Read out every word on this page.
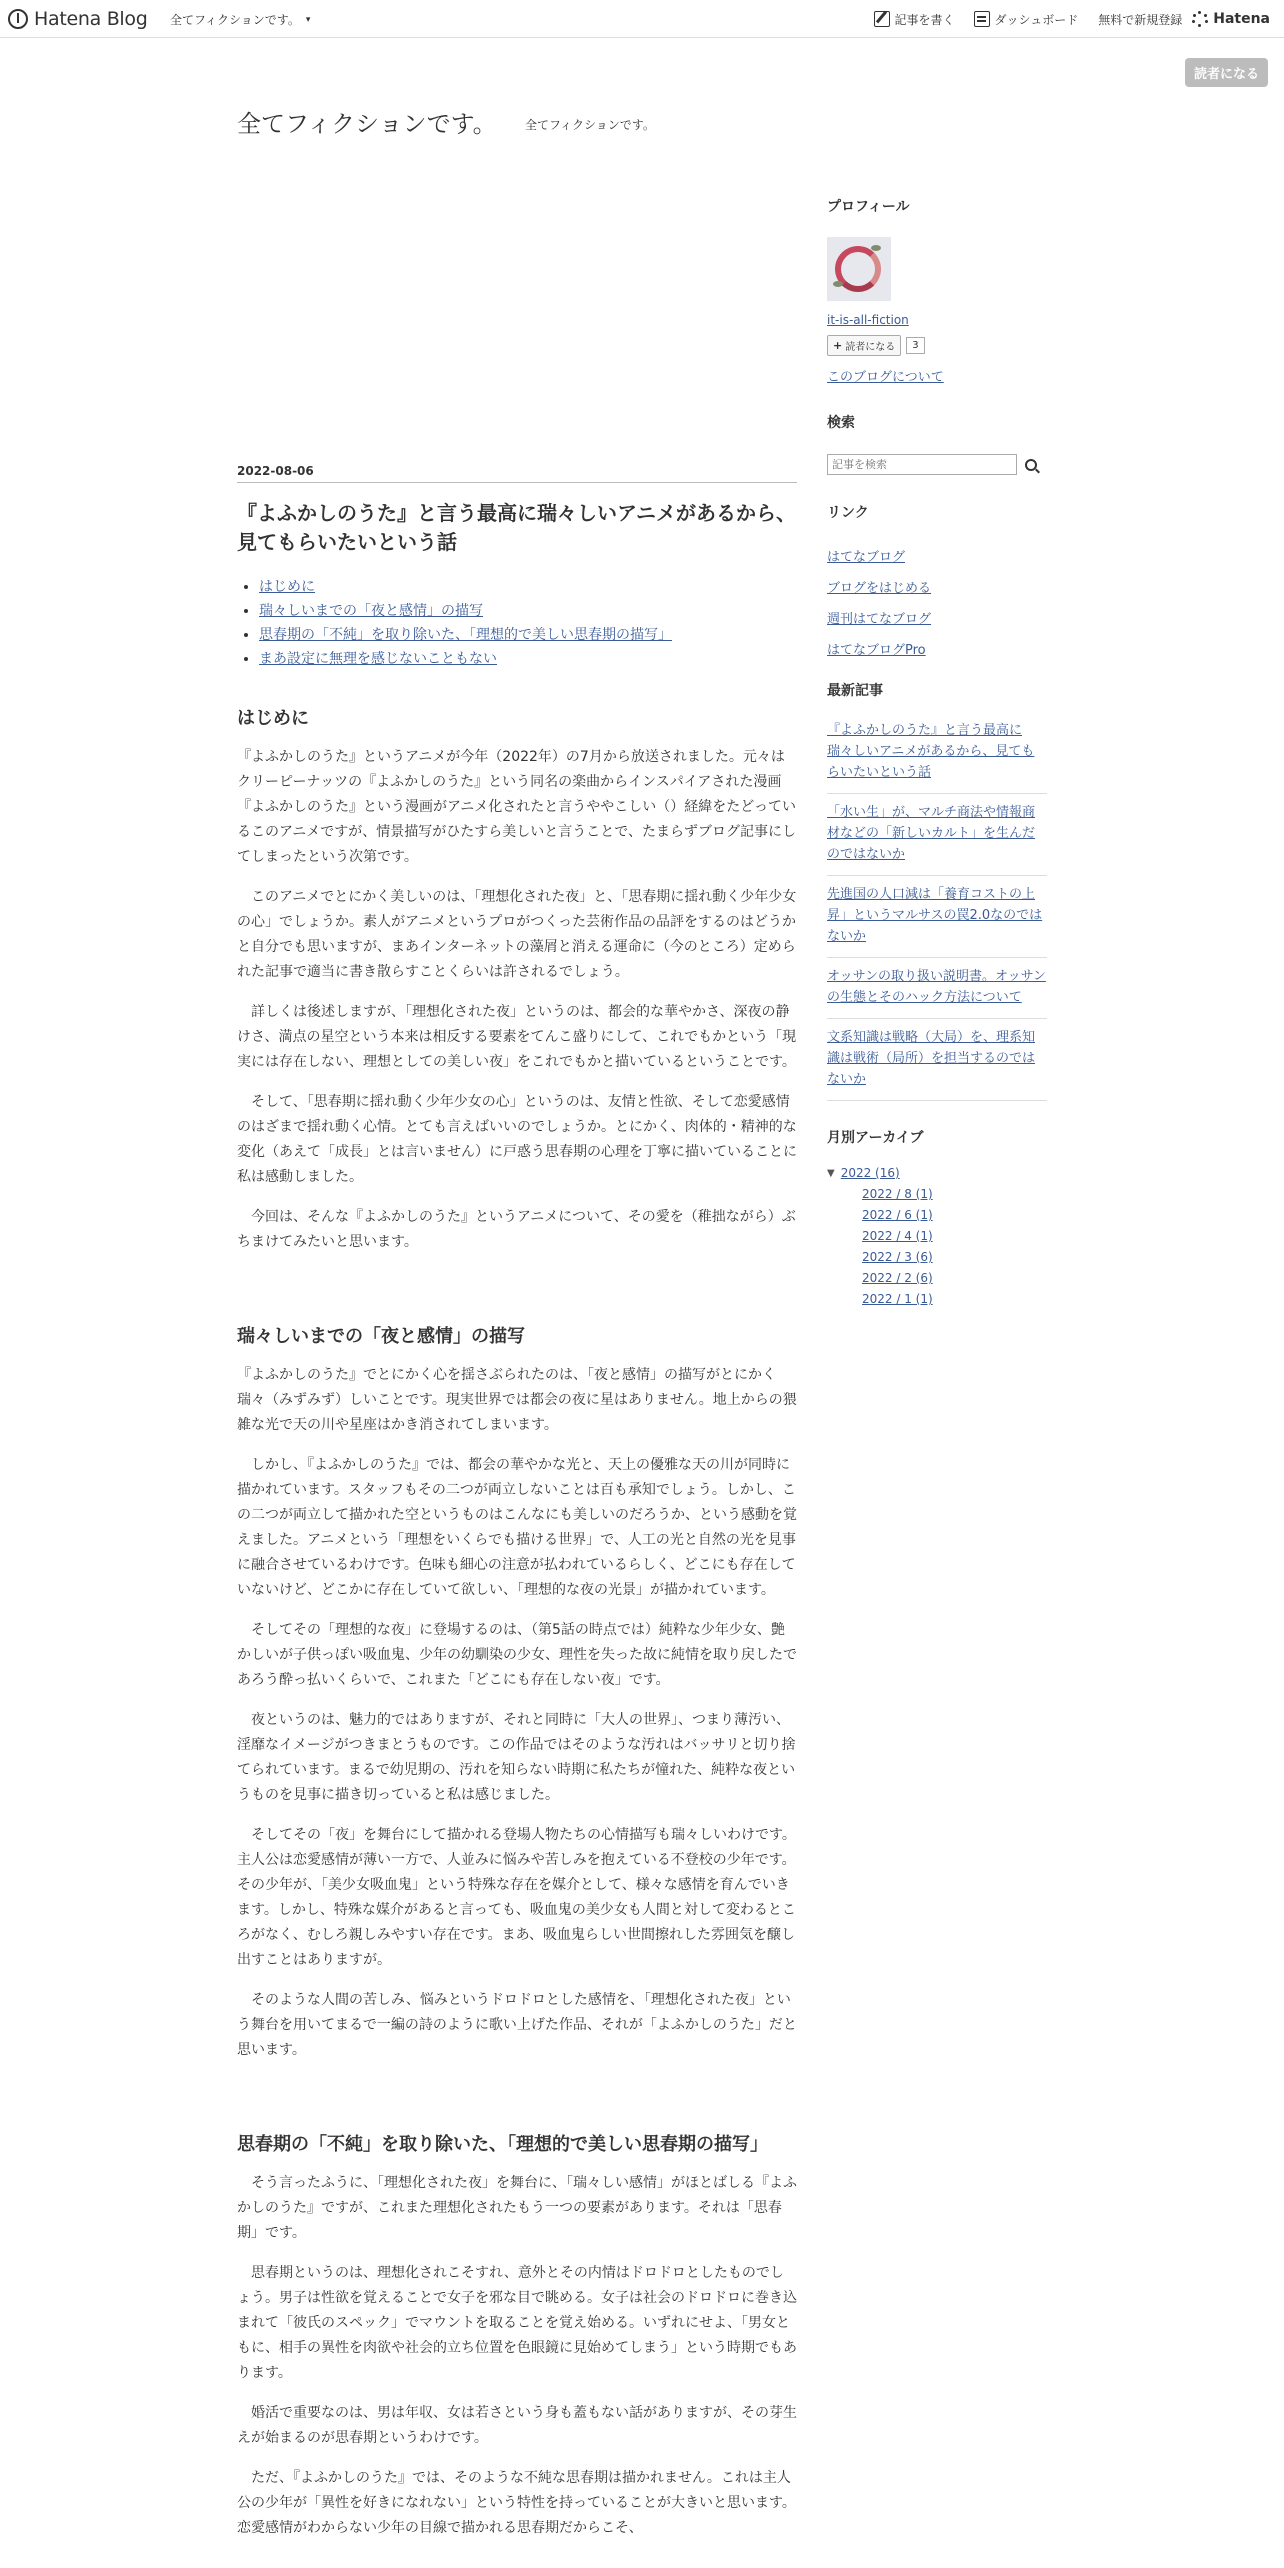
Hatena Blog 全てフィクションです。 ▾	記事を書く	ダッシュボード 無料で新規登録 Hatena
読者になる
全てフィクションです。 全てフィクションです。
2022-08-06
『よふかしのうた』と言う最高に瑞々しいアニメがあるから、見てもらいたいという話
• はじめに
• 瑞々しいまでの「夜と感情」の描写
• 思春期の「不純」を取り除いた、「理想的で美しい思春期の描写」
• まあ設定に無理を感じないこともない
はじめに

『よふかしのうた』というアニメが今年（2022年）の7月から放送されました。元々はクリーピーナッツの『よふかしのうた』という同名の楽曲からインスパイアされた漫画『よふかしのうた』という漫画がアニメ化されたと言うややこしい（）経緯をたどっているこのアニメですが、情景描写がひたすら美しいと言うことで、たまらずブログ記事にしてしまったという次第です。

　このアニメでとにかく美しいのは、「理想化された夜」と、「思春期に揺れ動く少年少女の心」でしょうか。素人がアニメというプロがつくった芸術作品の品評をするのはどうかと自分でも思いますが、まあインターネットの藻屑と消える運命に（今のところ）定められた記事で適当に書き散らすことくらいは許されるでしょう。

　詳しくは後述しますが、「理想化された夜」というのは、都会的な華やかさ、深夜の静けさ、満点の星空という本来は相反する要素をてんこ盛りにして、これでもかという「現実には存在しない、理想としての美しい夜」をこれでもかと描いているということです。

　そして、「思春期に揺れ動く少年少女の心」というのは、友情と性欲、そして恋愛感情のはざまで揺れ動く心情。とても言えばいいのでしょうか。とにかく、肉体的・精神的な変化（あえて「成長」とは言いません）に戸惑う思春期の心理を丁寧に描いていることに私は感動しました。

　今回は、そんな『よふかしのうた』というアニメについて、その愛を（稚拙ながら）ぶちまけてみたいと思います。

瑞々しいまでの「夜と感情」の描写

『よふかしのうた』でとにかく心を揺さぶられたのは、「夜と感情」の描写がとにかく瑞々（みずみず）しいことです。現実世界では都会の夜に星はありません。地上からの猥雑な光で天の川や星座はかき消されてしまいます。

　しかし、『よふかしのうた』では、都会の華やかな光と、天上の優雅な天の川が同時に描かれています。スタッフもその二つが両立しないことは百も承知でしょう。しかし、この二つが両立して描かれた空というものはこんなにも美しいのだろうか、という感動を覚えました。アニメという「理想をいくらでも描ける世界」で、人工の光と自然の光を見事に融合させているわけです。色味も細心の注意が払われているらしく、どこにも存在していないけど、どこかに存在していて欲しい、「理想的な夜の光景」が描かれています。

　そしてその「理想的な夜」に登場するのは、（第5話の時点では）純粋な少年少女、艶かしいが子供っぽい吸血鬼、少年の幼馴染の少女、理性を失った故に純情を取り戻したであろう酔っ払いくらいで、これまた「どこにも存在しない夜」です。

　夜というのは、魅力的ではありますが、それと同時に「大人の世界」、つまり薄汚い、淫靡なイメージがつきまとうものです。この作品ではそのような汚れはバッサリと切り捨てられています。まるで幼児期の、汚れを知らない時期に私たちが憧れた、純粋な夜というものを見事に描き切っていると私は感じました。

　そしてその「夜」を舞台にして描かれる登場人物たちの心情描写も瑞々しいわけです。主人公は恋愛感情が薄い一方で、人並みに悩みや苦しみを抱えている不登校の少年です。その少年が、「美少女吸血鬼」という特殊な存在を媒介として、様々な感情を育んでいきます。しかし、特殊な媒介があると言っても、吸血鬼の美少女も人間と対して変わるところがなく、むしろ親しみやすい存在です。まあ、吸血鬼らしい世間擦れした雰囲気を醸し出すことはありますが。

　そのような人間の苦しみ、悩みというドロドロとした感情を、「理想化された夜」という舞台を用いてまるで一編の詩のように歌い上げた作品、それが「よふかしのうた」だと思います。

思春期の「不純」を取り除いた、「理想的で美しい思春期の描写」

　そう言ったふうに、「理想化された夜」を舞台に、「瑞々しい感情」がほとばしる『よふかしのうた』ですが、これまた理想化されたもう一つの要素があります。それは「思春期」です。

　思春期というのは、理想化されこそすれ、意外とその内情はドロドロとしたものでしょう。男子は性欲を覚えることで女子を邪な目で眺める。女子は社会のドロドロに巻き込まれて「彼氏のスペック」でマウントを取ることを覚え始める。いずれにせよ、「男女ともに、相手の異性を肉欲や社会的立ち位置を色眼鏡に見始めてしまう」という時期でもあります。

　婚活で重要なのは、男は年収、女は若さという身も蓋もない話がありますが、その芽生えが始まるのが思春期というわけです。

　ただ、『よふかしのうた』では、そのような不純な思春期は描かれません。これは主人公の少年が「異性を好きになれない」という特性を持っていることが大きいと思います。恋愛感情がわからない少年の目線で描かれる思春期だからこそ、

プロフィール
it-is-all-fiction
+ 読者になる	3
このブログについて
検索
記事を検索
リンク
はてなブログ
ブログをはじめる
週刊はてなブログ
はてなブログPro
最新記事
『よふかしのうた』と言う最高に瑞々しいアニメがあるから、見てもらいたいという話
「水い生」が、マルチ商法や情報商材などの「新しいカルト」を生んだのではないか
先進国の人口減は「養育コストの上昇」というマルサスの罠2.0なのではないか
オッサンの取り扱い説明書。オッサンの生態とそのハック方法について
文系知識は戦略（大局）を、理系知識は戦術（局所）を担当するのではないか
月別アーカイブ
▼ 2022 (16)
2022 / 8 (1)
2022 / 6 (1)
2022 / 4 (1)
2022 / 3 (6)
2022 / 2 (6)
2022 / 1 (1)
